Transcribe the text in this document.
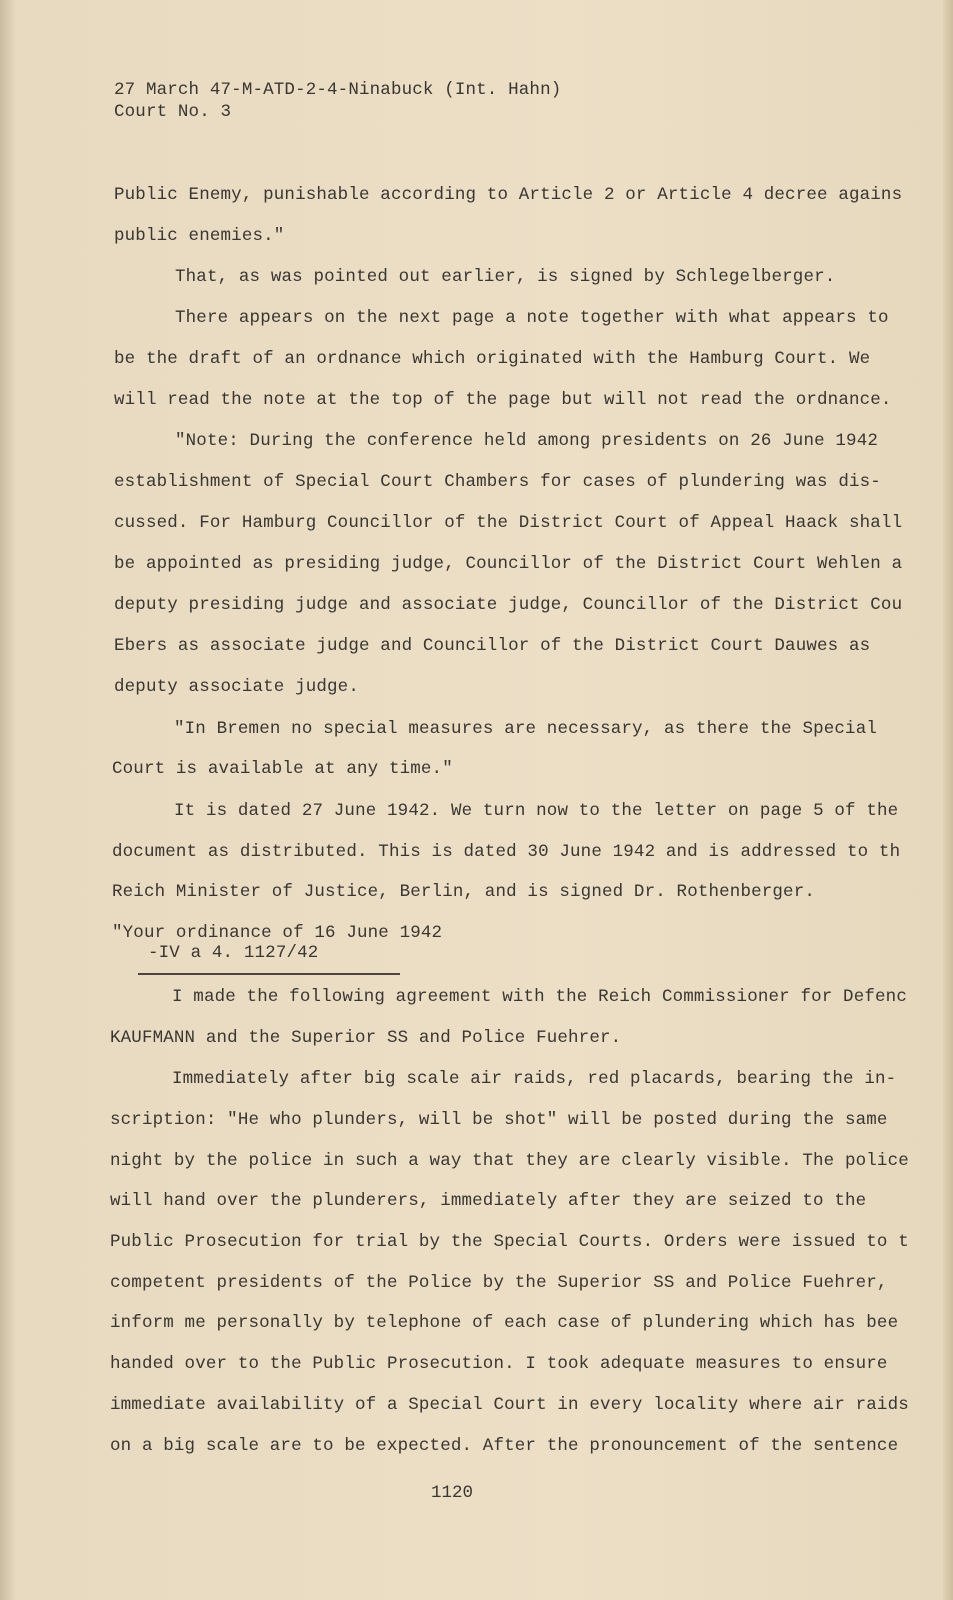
27 March 47-M-ATD-2-4-Ninabuck (Int. Hahn)
Court No. 3
Public Enemy, punishable according to Article 2 or Article 4 decree agains
public enemies."
That, as was pointed out earlier, is signed by Schlegelberger.
There appears on the next page a note together with what appears to
be the draft of an ordnance which originated with the Hamburg Court. We
will read the note at the top of the page but will not read the ordnance.
"Note: During the conference held among presidents on 26 June 1942
establishment of Special Court Chambers for cases of plundering was dis-
cussed. For Hamburg Councillor of the District Court of Appeal Haack shall
be appointed as presiding judge, Councillor of the District Court Wehlen a
deputy presiding judge and associate judge, Councillor of the District Cou
Ebers as associate judge and Councillor of the District Court Dauwes as
deputy associate judge.
"In Bremen no special measures are necessary, as there the Special
Court is available at any time."
It is dated 27 June 1942. We turn now to the letter on page 5 of the
document as distributed. This is dated 30 June 1942 and is addressed to th
Reich Minister of Justice, Berlin, and is signed Dr. Rothenberger.
"Your ordinance of 16 June 1942
-IV a 4. 1127/42
I made the following agreement with the Reich Commissioner for Defenc
KAUFMANN and the Superior SS and Police Fuehrer.
Immediately after big scale air raids, red placards, bearing the in-
scription: "He who plunders, will be shot" will be posted during the same
night by the police in such a way that they are clearly visible. The police
will hand over the plunderers, immediately after they are seized to the
Public Prosecution for trial by the Special Courts. Orders were issued to t
competent presidents of the Police by the Superior SS and Police Fuehrer,
inform me personally by telephone of each case of plundering which has bee
handed over to the Public Prosecution. I took adequate measures to ensure
immediate availability of a Special Court in every locality where air raids
on a big scale are to be expected. After the pronouncement of the sentence
1120
